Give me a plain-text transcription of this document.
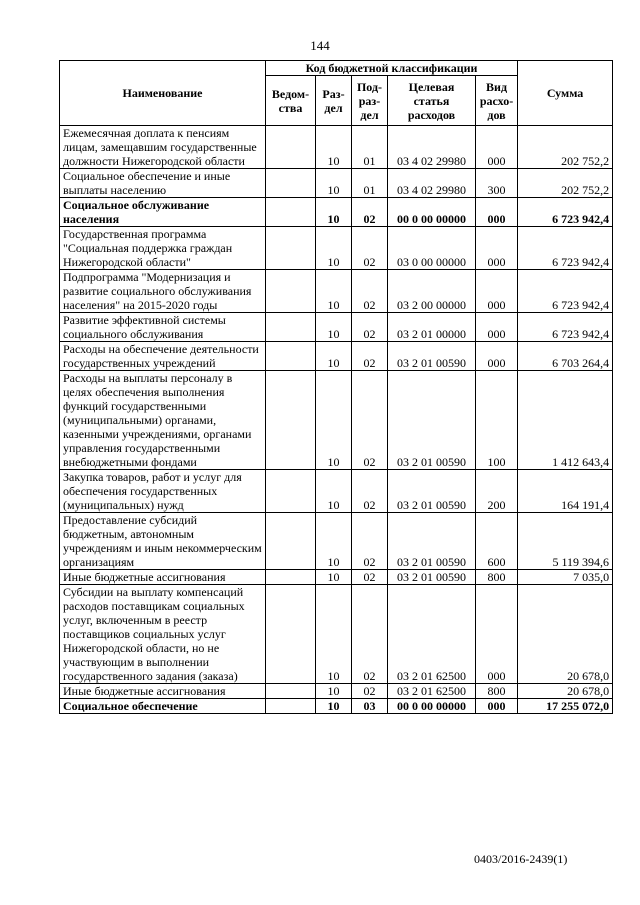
144
Наименование	Код бюджетной классификации					Сумма
	Ведом-ства	Раз-дел	Под-раз-дел	Целевая статья расходов	Вид расхо-дов	
Ежемесячная доплата к пенсиям лицам, замещавшим государственные должности Нижегородской области		10	01	03 4 02 29980	000	202 752,2
Социальное обеспечение и иные выплаты населению		10	01	03 4 02 29980	300	202 752,2
Социальное обслуживание населения		10	02	00 0 00 00000	000	6 723 942,4
Государственная программа "Социальная поддержка граждан Нижегородской области"		10	02	03 0 00 00000	000	6 723 942,4
Подпрограмма "Модернизация и развитие социального обслуживания населения" на 2015-2020 годы		10	02	03 2 00 00000	000	6 723 942,4
Развитие эффективной системы социального обслуживания		10	02	03 2 01 00000	000	6 723 942,4
Расходы на обеспечение деятельности государственных учреждений		10	02	03 2 01 00590	000	6 703 264,4
Расходы на выплаты персоналу в целях обеспечения выполнения функций государственными (муниципальными) органами, казенными учреждениями, органами управления государственными внебюджетными фондами		10	02	03 2 01 00590	100	1 412 643,4
Закупка товаров, работ и услуг для обеспечения государственных (муниципальных) нужд		10	02	03 2 01 00590	200	164 191,4
Предоставление субсидий бюджетным, автономным учреждениям и иным некоммерческим организациям		10	02	03 2 01 00590	600	5 119 394,6
Иные бюджетные ассигнования		10	02	03 2 01 00590	800	7 035,0
Субсидии на выплату компенсаций расходов поставщикам социальных услуг, включенным в реестр поставщиков социальных услуг Нижегородской области, но не участвующим в выполнении государственного задания (заказа)		10	02	03 2 01 62500	000	20 678,0
Иные бюджетные ассигнования		10	02	03 2 01 62500	800	20 678,0
Социальное обеспечение		10	03	00 0 00 00000	000	17 255 072,0
0403/2016-2439(1)
